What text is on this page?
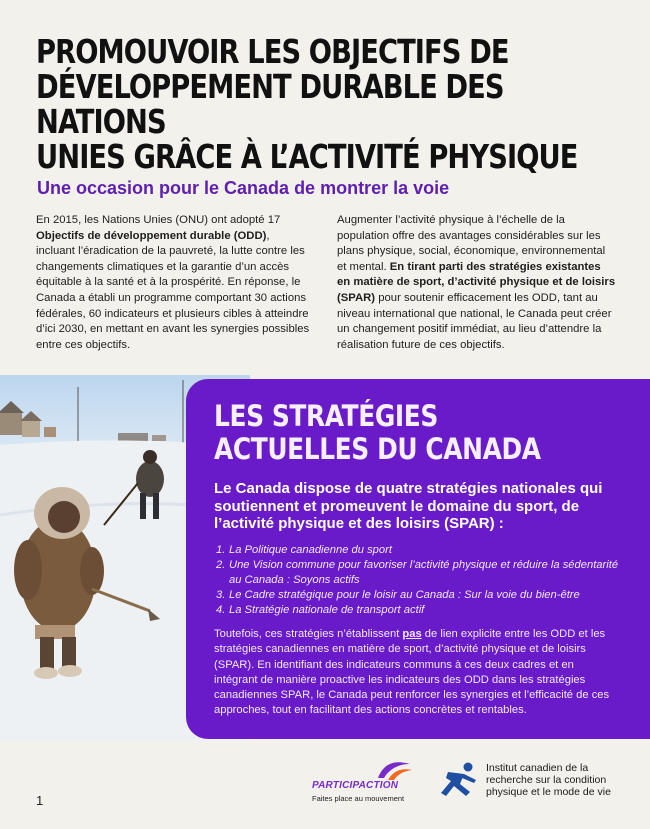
PROMOUVOIR LES OBJECTIFS DE
DÉVELOPPEMENT DURABLE DES NATIONS
UNIES GRÂCE À L’ACTIVITÉ PHYSIQUE
Une occasion pour le Canada de montrer la voie

En 2015, les Nations Unies (ONU) ont adopté 17 Objectifs de développement durable (ODD), incluant l’éradication de la pauvreté, la lutte contre les changements climatiques et la garantie d’un accès équitable à la santé et à la prospérité. En réponse, le Canada a établi un programme comportant 30 actions fédérales, 60 indicateurs et plusieurs cibles à atteindre d’ici 2030, en mettant en avant les synergies possibles entre ces objectifs.

Augmenter l’activité physique à l’échelle de la population offre des avantages considérables sur les plans physique, social, économique, environnemental et mental. En tirant parti des stratégies existantes en matière de sport, d’activité physique et de loisirs (SPAR) pour soutenir efficacement les ODD, tant au niveau international que national, le Canada peut créer un changement positif immédiat, au lieu d’attendre la réalisation future de ces objectifs.

LES STRATÉGIES
ACTUELLES DU CANADA

Le Canada dispose de quatre stratégies nationales qui soutiennent et promeuvent le domaine du sport, de l’activité physique et des loisirs (SPAR) :

1. La Politique canadienne du sport
2. Une Vision commune pour favoriser l’activité physique et réduire la sédentarité au Canada : Soyons actifs
3. Le Cadre stratégique pour le loisir au Canada : Sur la voie du bien-être
4. La Stratégie nationale de transport actif

Toutefois, ces stratégies n’établissent pas de lien explicite entre les ODD et les stratégies canadiennes en matière de sport, d’activité physique et de loisirs (SPAR). En identifiant des indicateurs communs à ces deux cadres et en intégrant de manière proactive les indicateurs des ODD dans les stratégies canadiennes SPAR, le Canada peut renforcer les synergies et l’efficacité de ces approches, tout en facilitant des actions concrètes et rentables.

1
PARTICIPACTION
Faites place au mouvement
Institut canadien de la recherche sur la condition physique et le mode de vie
